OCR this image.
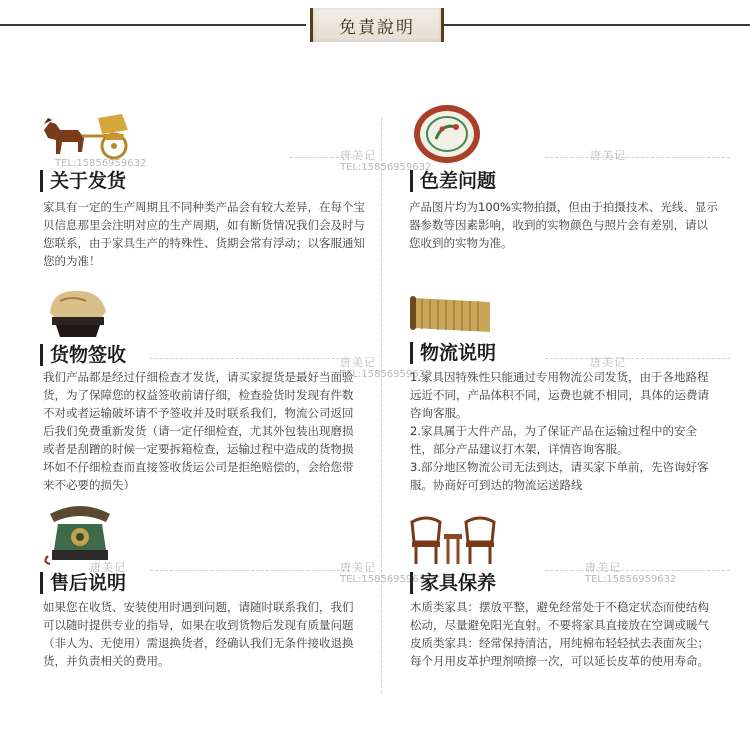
免責說明
唐美记
TEL:15856959632
唐美记
TEL:15856959632
唐美记
TEL:15856959632
唐美记
唐美记	唐美记
TEL:15856959632
唐美记
TEL:15856959632
关于发货
家具有一定的生产周期且不同种类产品会有较大差异，在每个宝贝信息那里会注明对应的生产周期，如有断货情况我们会及时与您联系，由于家具生产的特殊性、货期会常有浮动；以客服通知您的为准！
色差问题
产品图片均为100%实物拍摄，但由于拍摄技术、光线、显示器参数等因素影响，收到的实物颜色与照片会有差别，请以您收到的实物为准。
货物签收
我们产品都是经过仔细检查才发货，请买家提货是最好当面验货，为了保障您的权益签收前请仔细，检查验货时发现有件数不对或者运输破坏请不予签收并及时联系我们，物流公司返回后我们免费重新发货（请一定仔细检查，尤其外包装出现磨损或者是刮蹭的时候一定要拆箱检查，运输过程中造成的货物损坏如不仔细检查而直接签收货运公司是拒绝赔偿的，会给您带来不必要的损失）
物流说明

1.家具因特殊性只能通过专用物流公司发货，由于各地路程远近不同，产品体积不同，运费也就不相同，具体的运费请咨询客服。

2.家具属于大件产品，为了保证产品在运输过程中的安全性，部分产品建议打木架，详情咨询客服。

3.部分地区物流公司无法到达，请买家下单前，先咨询好客服。协商好可到达的物流运送路线

售后说明
如果您在收货、安装使用时遇到问题，请随时联系我们，我们可以随时提供专业的指导，如果在收到货物后发现有质量问题（非人为、无使用）需退换货者，经确认我们无条件接收退换货，并负责相关的费用。
家具保养

木质类家具：摆放平整，避免经常处于不稳定状态而使结构松动，尽量避免阳光直射。不要将家具直接放在空调或暖气

皮质类家具：经常保持清洁，用纯棉布轻轻拭去表面灰尘；每个月用皮革护理剂喷擦一次，可以延长皮革的使用寿命。
